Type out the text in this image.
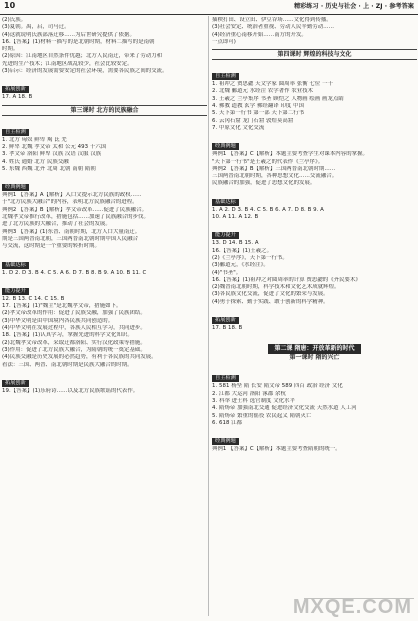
10	精彩练习 · 历史与社会 · 上 · ZJ · 参考答案
(2)氏族。
(3)夏朝。禹，启，司马迁。
(4)这就说明氏族部落迁移……为后世研究提供了依据。
16.【答案】(1)材料一描写的是北朝时期，材料二描写的是南朝
时期。
(2)原因：江南地区自然条件优越；北方人民南迁，带来了劳动力和
先进的生产技术；江南地区战乱较少，社会比较安定。
(3)启示：经济的发展需要安定的社会环境，需要各民族之间的交流。
拓展创新
17. A 18. B
第三课时 北方的民族融合
自主检测
1. 北方 匈奴 鲜卑 羯 氐 羌
2. 鲜卑 北魏 孝文帝 太和 公元 493 十六国
3. 孝文帝 洛阳 鲜卑 汉族 汉语 汉服 汉族
4. 姓氏 通婚 北方 民族交融
5. 东魏 西魏 北齐 北周 北朝 南朝 隋朝
经典例题
典例1 【答案】A【解析】入口文提示北方民族的政权……
于"北方民族大融合"的内容，表明北方民族融合的进程。
典例2 【答案】B【解析】孝文帝改革……促进了民族融合。
北魏孝文帝推行改革，措施包括……加速了民族融合的步伐。
进了北方民族的大融合，推动了社会的发展。
典例3 【答案】(1)东晋、南朝时期，北方人口大量南迁。
期是三国两晋南北朝，三国两晋南北朝时期中国人民融合
与交流，这时期是一个重要的转折时期。
基础达标
1. D 2. D 3. B 4. C 5. A 6. D 7. B 8. B 9. A 10. B 11. C
能力提升
12. B 13. C 14. C 15. B
17.【答案】(1)"魏主"是北魏孝文帝，措施如下。
(2)孝文帝改革的作用：促进了民族交融，加强了民族团结。
(3)中华文明是由中国境内各民族共同创造的。
(4)中华文明在发展过程中，各族人民相互学习，共同进步。
18.【答案】(1)认真学习，掌握先进的科学文化知识。
(2)北魏孝文帝改革，采取迁都洛阳、实行汉化政策等措施。
(3)作用：促进了北方民族大融合，为隋朝的统一奠定基础。
(4)民族交融是历史发展的必然趋势，有利于各民族的共同发展。
看法：三国、两晋、南北朝时期是民族大融合的时期。
拓展创新
19.【答案】(1)乐府诗……以及北方民族歌谣的代表作。
插秧打田、设立田、伊豆谷场……文化得到传播。
(3)社会安定、统治者重视、劳动人民辛勤劳动……
(4)经济重心南移开始……南方的开发。
一点即可)
第四课时 辉煌的科技与文化
自主检测
1. 祖冲之 贾思勰 天文学家 圆周率 张衡 七位 一千
2. 北魏 郦道元 水经注 农学著作 农业技术
3. 王羲之 兰亭集序 书圣 顾恺之 人物画 绘画 画龙点睛
4. 佛教 道教 玄学 佛经翻译 印度 中国
5. 天下第一行书 第一部 天下第二行书
6. 云冈石窟 龙门石窟 敦煌莫高窟
7. 中原文化 文化交流
经典例题
典例1 【答案】C【解析】本题主要考查学生对课本内容的掌握。
"天下第一行书"是王羲之的代表作《兰亭序》。
典例2 【答案】B【解析】三国两晋南北朝时期……
三国两晋南北朝时期，各种思想文化……交流融合。
民族融合的加强，促进了思想文化的发展。
基础达标
1. A 2. D 3. B 4. C 5. B 6. A 7. D 8. B 9. A
10. A 11. A 12. B
能力提升
13. D 14. B 15. A
16.【答案】(1)王羲之。
(2)《兰亭序》，天下第一行书。
(3)郦道元，《水经注》。
(4)"书圣"。
16.【答案】(1)祖冲之对圆周率的计算 贾思勰的《齐民要术》
(2)魏晋南北朝时期，科学技术和文化艺术成就辉煌。
(3)各民族文化交流，促进了文化的繁荣与发展。
(4)勇于探索、勤于实践、敢于创新的科学精神。
拓展创新
17. B 18. B
第二课 隋唐：开放革新的时代
第一课时 隋的兴亡
自主检测
1. 581 杨坚 隋 长安 隋文帝 589 四百 政治 经济 文化
2. 江都 大运河 洛阳 涿郡 余杭
3. 科举 进士科 选官制度 文化水平
4. 隋炀帝 加强南北交通 促进经济文化交流 天然水道 人工河
5. 隋炀帝 繁重的徭役 农民起义 隋朝灭亡
6. 618 江都
经典例题
典例1 【答案】C【解析】本题主要考查隋朝的统一。
MXQE.COM
